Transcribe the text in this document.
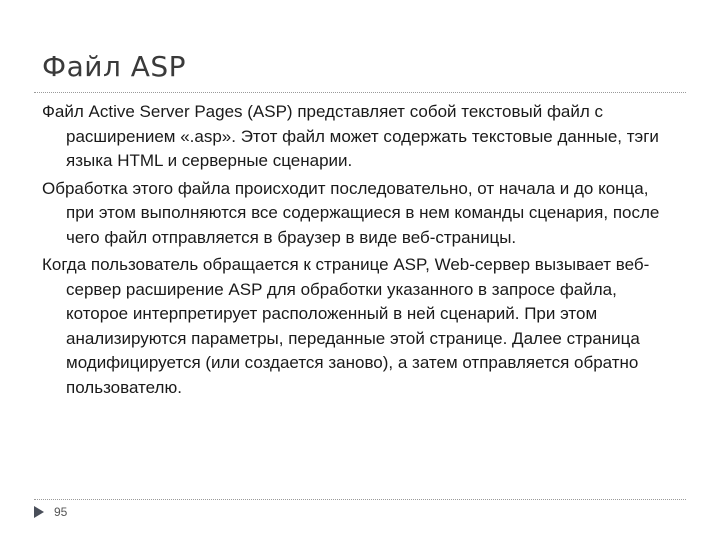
Файл ASP

Файл Active Server Pages (ASP) представляет собой текстовый файл с расширением «.asp». Этот файл может содержать текстовые данные, тэги языка HTML и серверные сценарии.

Обработка этого файла происходит последовательно, от начала и до конца, при этом выполняются все содержащиеся в нем команды сценария, после чего файл отправляется в браузер в виде веб-страницы.

Когда пользователь обращается к странице ASP, Web-сервер вызывает веб-сервер расширение ASP для обработки указанного в запросе файла, которое интерпретирует расположенный в ней сценарий. При этом анализируются параметры, переданные этой странице. Далее страница модифицируется (или создается заново), а затем отправляется обратно пользователю.

95
